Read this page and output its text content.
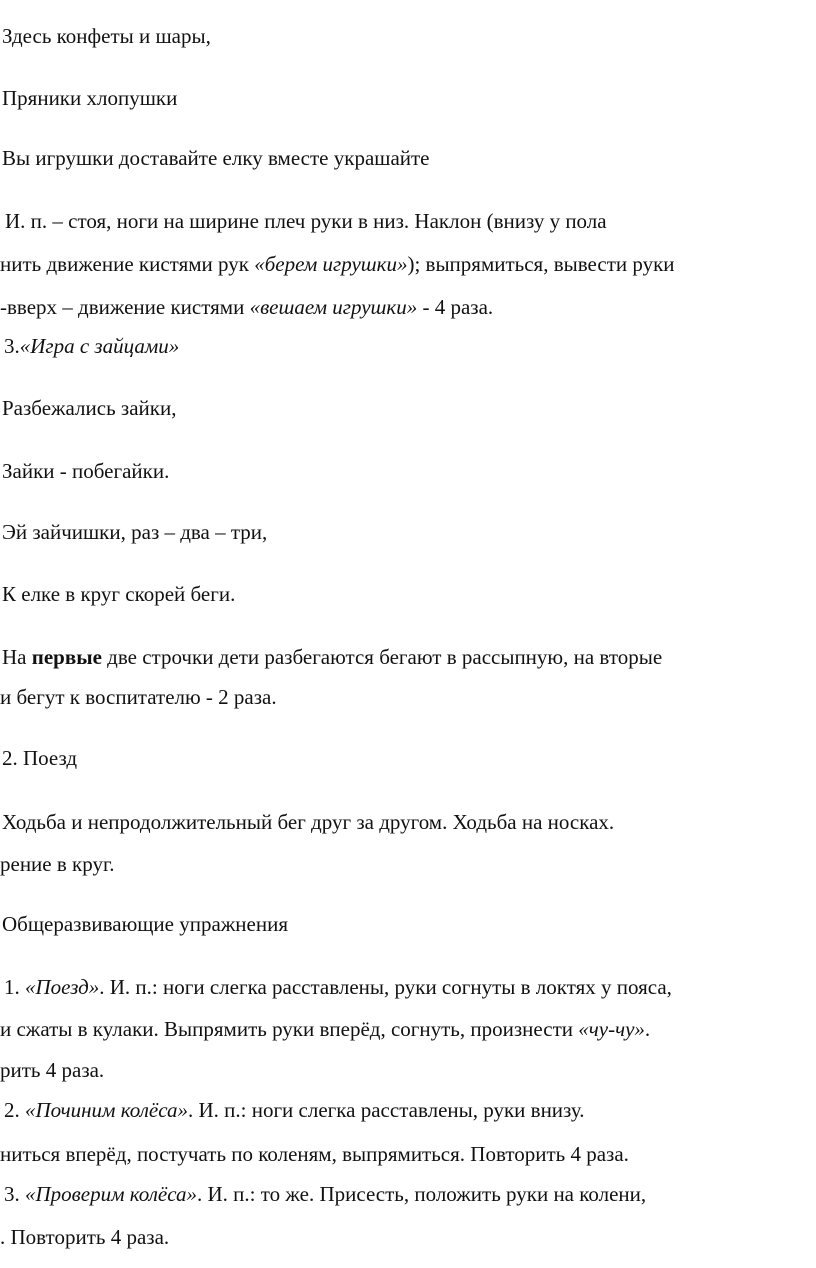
Здесь конфеты и шары,
Пряники хлопушки
Вы игрушки доставайте елку вместе украшайте
И. п. – стоя, ноги на ширине плеч руки в низ. Наклон (внизу у пола
нить движение кистями рук «берем игрушки»); выпрямиться, вывести руки
-вверх – движение кистями «вешаем игрушки» - 4 раза.
3.«Игра с зайцами»
Разбежались зайки,
Зайки - побегайки.
Эй зайчишки, раз – два – три,
К елке в круг скорей беги.
На первые две строчки дети разбегаются бегают в рассыпную, на вторые
и бегут к воспитателю - 2 раза.
2. Поезд
Ходьба и непродолжительный бег друг за другом. Ходьба на носках.
рение в круг.
Общеразвивающие упражнения
1. «Поезд». И. п.: ноги слегка расставлены, руки согнуты в локтях у пояса,
и сжаты в кулаки. Выпрямить руки вперёд, согнуть, произнести «чу-чу».
рить 4 раза.
2. «Починим колёса». И. п.: ноги слегка расставлены, руки внизу.
ниться вперёд, постучать по коленям, выпрямиться. Повторить 4 раза.
3. «Проверим колёса». И. п.: то же. Присесть, положить руки на колени,
. Повторить 4 раза.
